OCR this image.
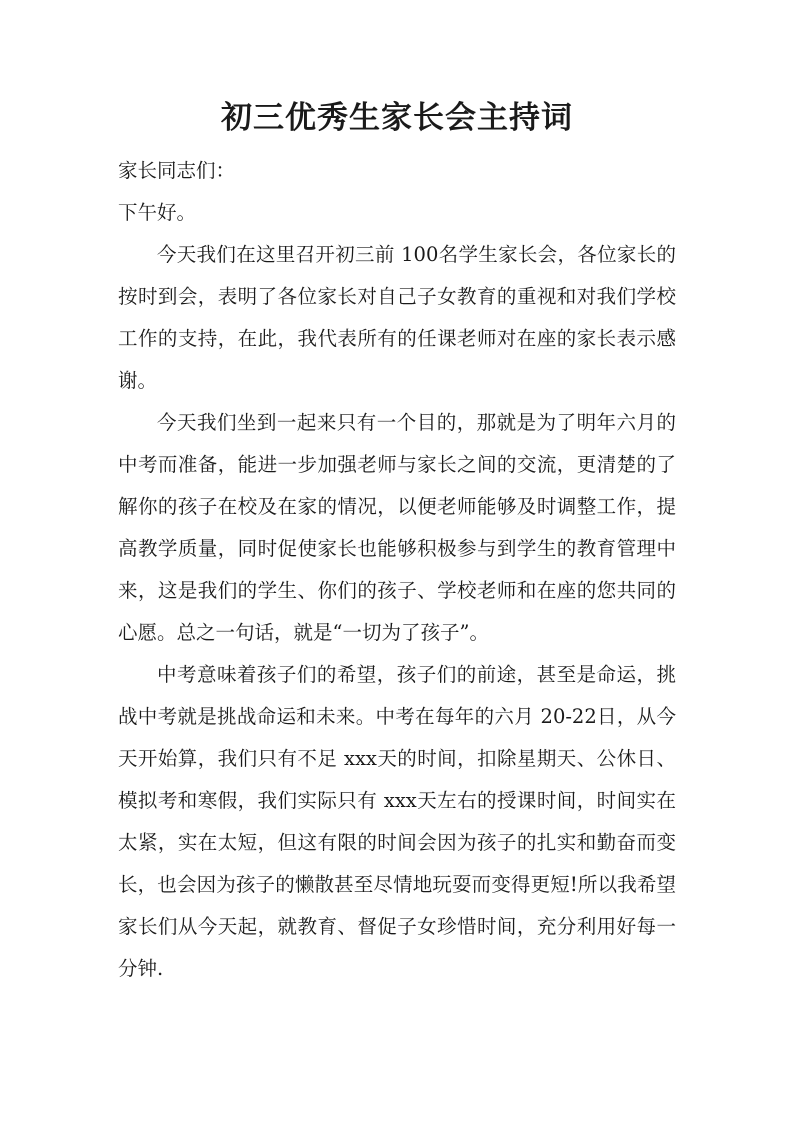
初三优秀生家长会主持词

家长同志们：

下午好。

今天我们在这里召开初三前 100名学生家长会，各位家长的按时到会，表明了各位家长对自己子女教育的重视和对我们学校工作的支持，在此，我代表所有的任课老师对在座的家长表示感谢。

今天我们坐到一起来只有一个目的，那就是为了明年六月的中考而准备，能进一步加强老师与家长之间的交流，更清楚的了解你的孩子在校及在家的情况，以便老师能够及时调整工作，提高教学质量，同时促使家长也能够积极参与到学生的教育管理中来，这是我们的学生、你们的孩子、学校老师和在座的您共同的心愿。总之一句话，就是“一切为了孩子”。

中考意味着孩子们的希望，孩子们的前途，甚至是命运，挑战中考就是挑战命运和未来。中考在每年的六月 20-22日，从今天开始算，我们只有不足 xxx天的时间，扣除星期天、公休日、模拟考和寒假，我们实际只有 xxx天左右的授课时间，时间实在太紧，实在太短，但这有限的时间会因为孩子的扎实和勤奋而变长，也会因为孩子的懒散甚至尽情地玩耍而变得更短!所以我希望家长们从今天起，就教育、督促子女珍惜时间，充分利用好每一分钟.
